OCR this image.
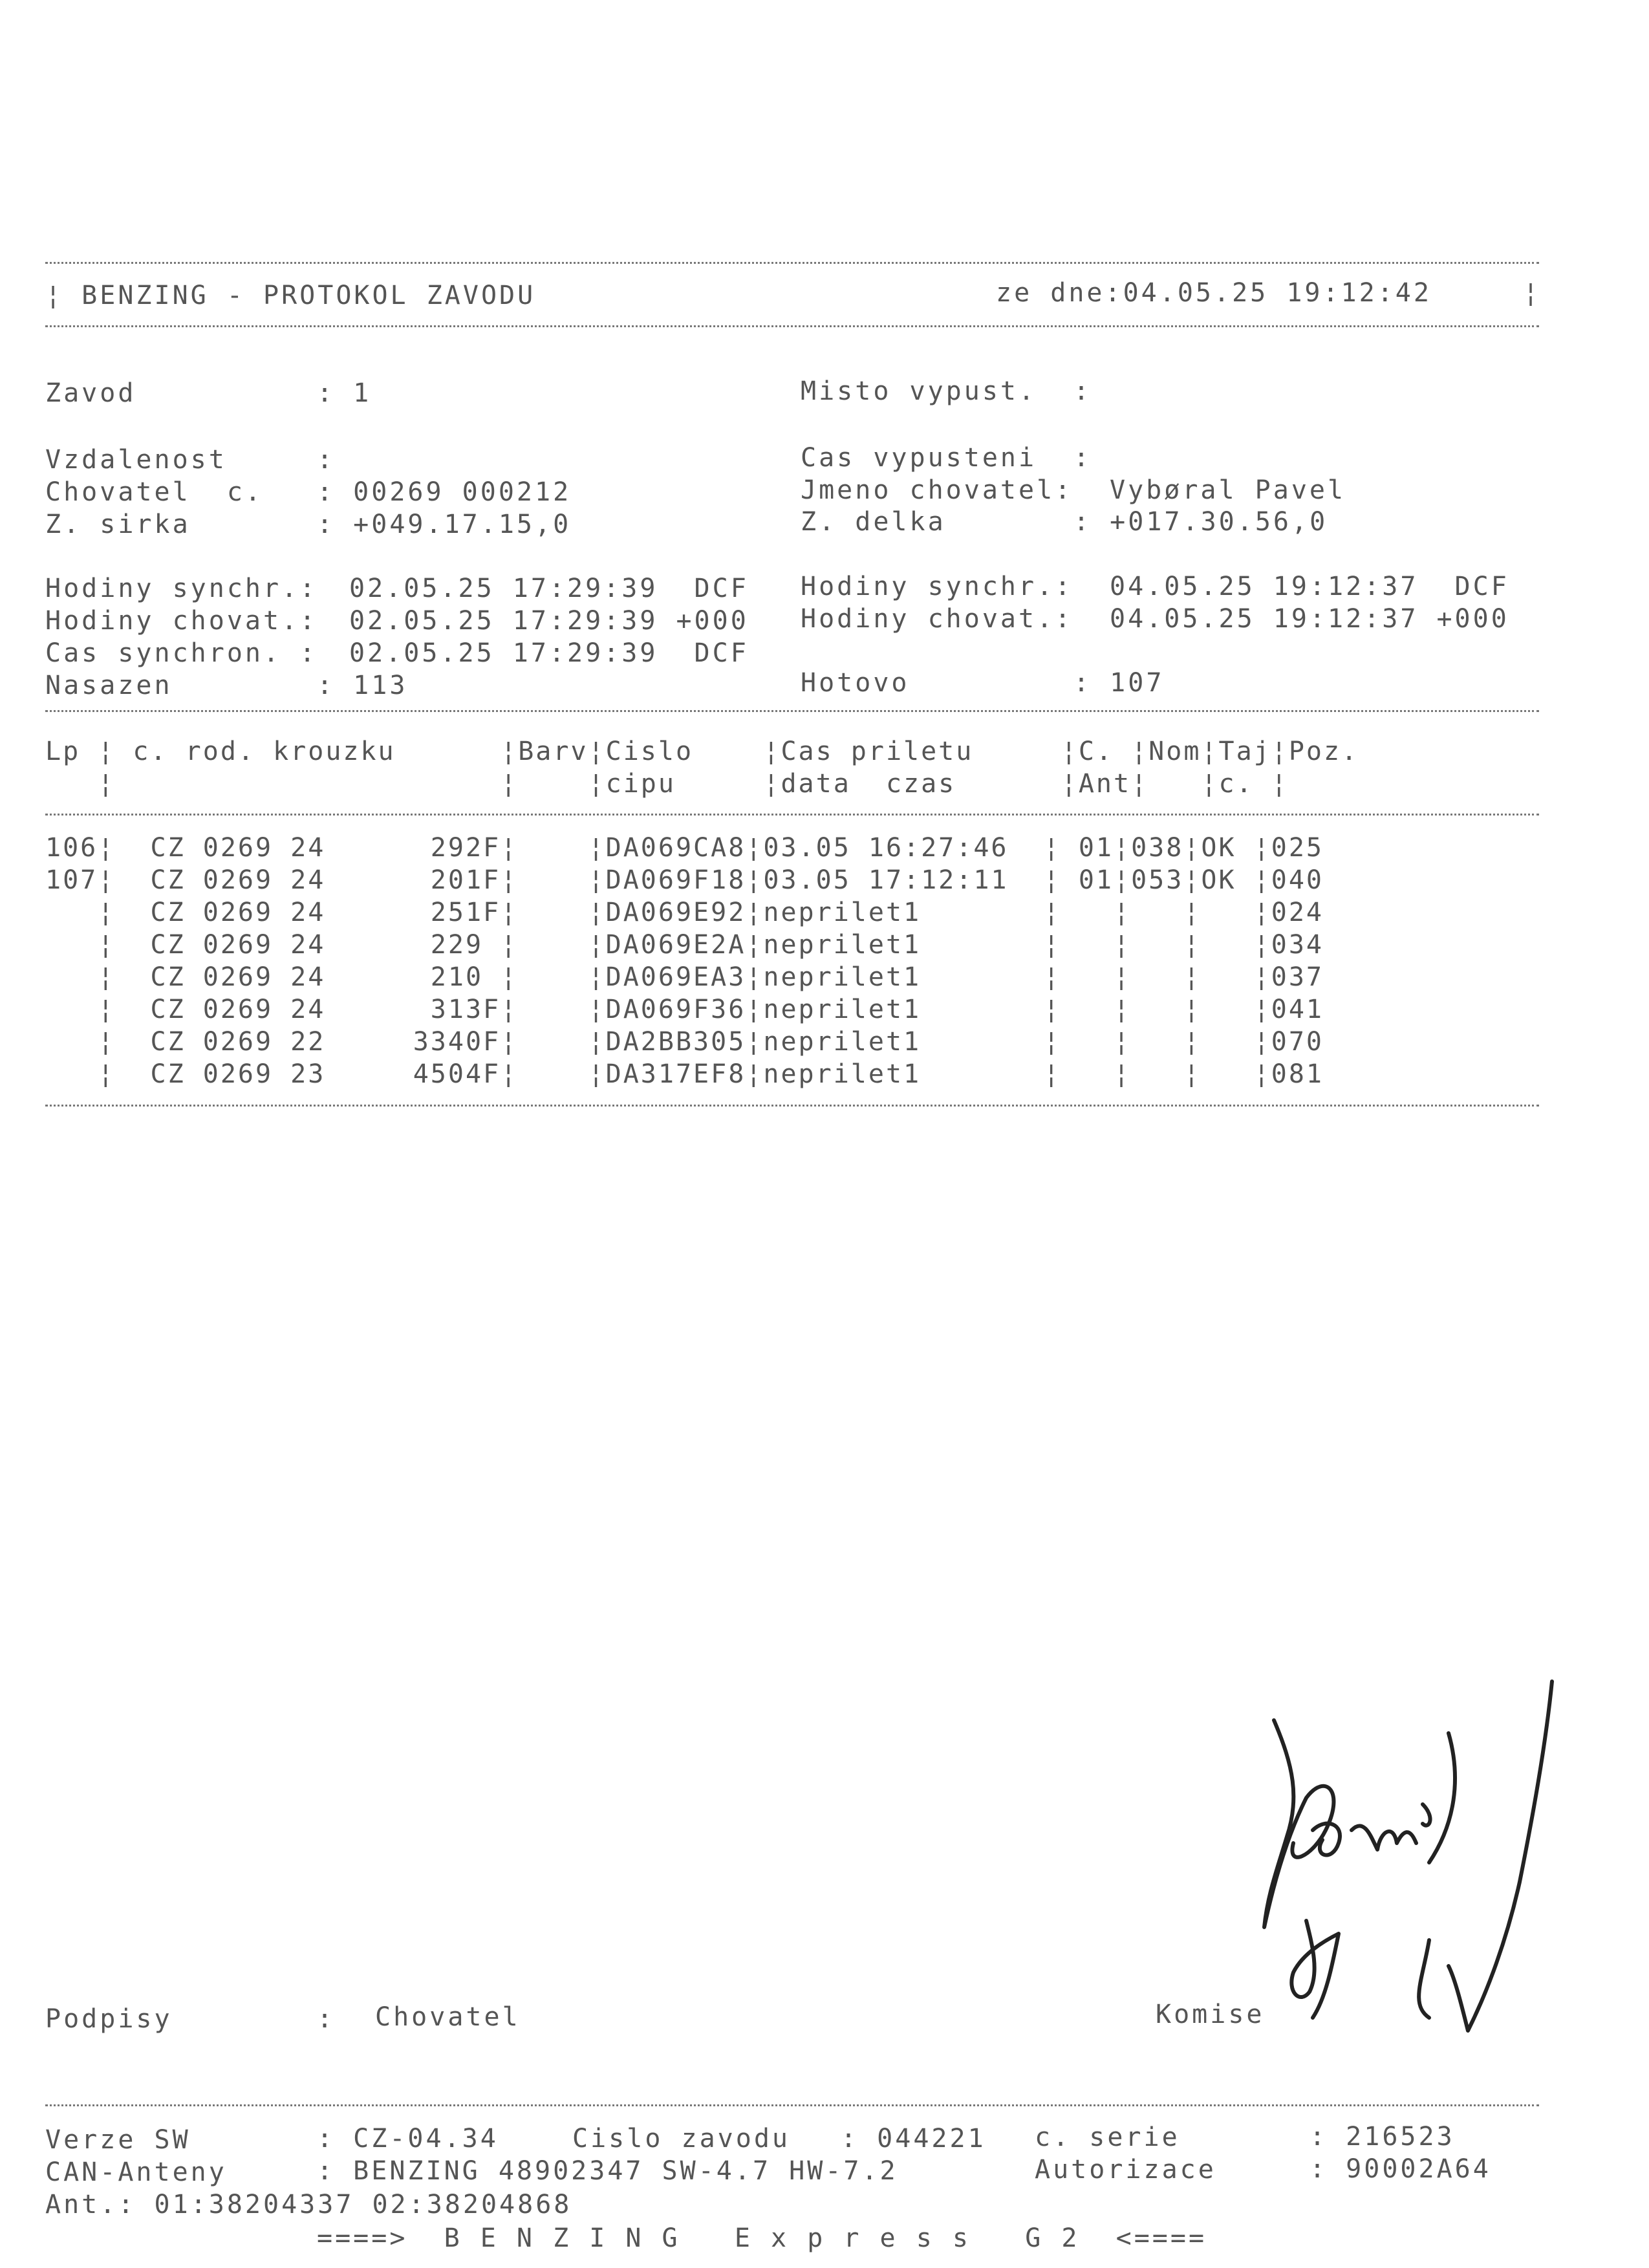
¦ BENZING - PROTOKOL ZAVODU	ze dne:04.05.25 19:12:42	¦
Zavod	: 1	Misto vypust. :
Vzdalenost	:	Cas vypusteni :
Chovatel  c. : 00269 000212	Jmeno chovatel: Vybøral Pavel
Z. sirka	: +049.17.15,0	Z. delka	: +017.30.56,0
Hodiny synchr.: 02.05.25 17:29:39  DCF Hodiny synchr.: 04.05.25 19:12:37  DCF
Hodiny chovat.: 02.05.25 17:29:39 +000 Hodiny chovat.: 04.05.25 19:12:37 +000
Cas synchron. : 02.05.25 17:29:39  DCF
Nasazen	: 113	Hotovo	: 107
Lp ¦ c. rod. krouzku      ¦Barv¦Cislo    ¦Cas priletu     ¦C. ¦Nom¦Taj¦Poz.
¦                      ¦    ¦cipu     ¦data  czas      ¦Ant¦   ¦c. ¦
106¦  CZ 0269 24      292F¦    ¦DA069CA8¦03.05 16:27:46  ¦ 01¦038¦OK ¦025
107¦  CZ 0269 24      201F¦    ¦DA069F18¦03.05 17:12:11  ¦ 01¦053¦OK ¦040
¦  CZ 0269 24      251F¦    ¦DA069E92¦neprilet1       ¦   ¦   ¦   ¦024
¦  CZ 0269 24      229 ¦    ¦DA069E2A¦neprilet1       ¦   ¦   ¦   ¦034
¦  CZ 0269 24      210 ¦    ¦DA069EA3¦neprilet1       ¦   ¦   ¦   ¦037
¦  CZ 0269 24      313F¦    ¦DA069F36¦neprilet1       ¦   ¦   ¦   ¦041
¦  CZ 0269 22     3340F¦    ¦DA2BB305¦neprilet1       ¦   ¦   ¦   ¦070
¦  CZ 0269 23     4504F¦    ¦DA317EF8¦neprilet1       ¦   ¦   ¦   ¦081
Podpisy	: Chovatel	Komise
Verze SW	: CZ-04.34	Cislo zavodu : 044221 c. serie	: 216523
CAN-Anteny	: BENZING 48902347 SW-4.7 HW-7.2	Autorizace	: 90002A64
Ant.: 01:38204337 02:38204868
====>  B E N Z I N G   E x p r e s s   G 2  <====
